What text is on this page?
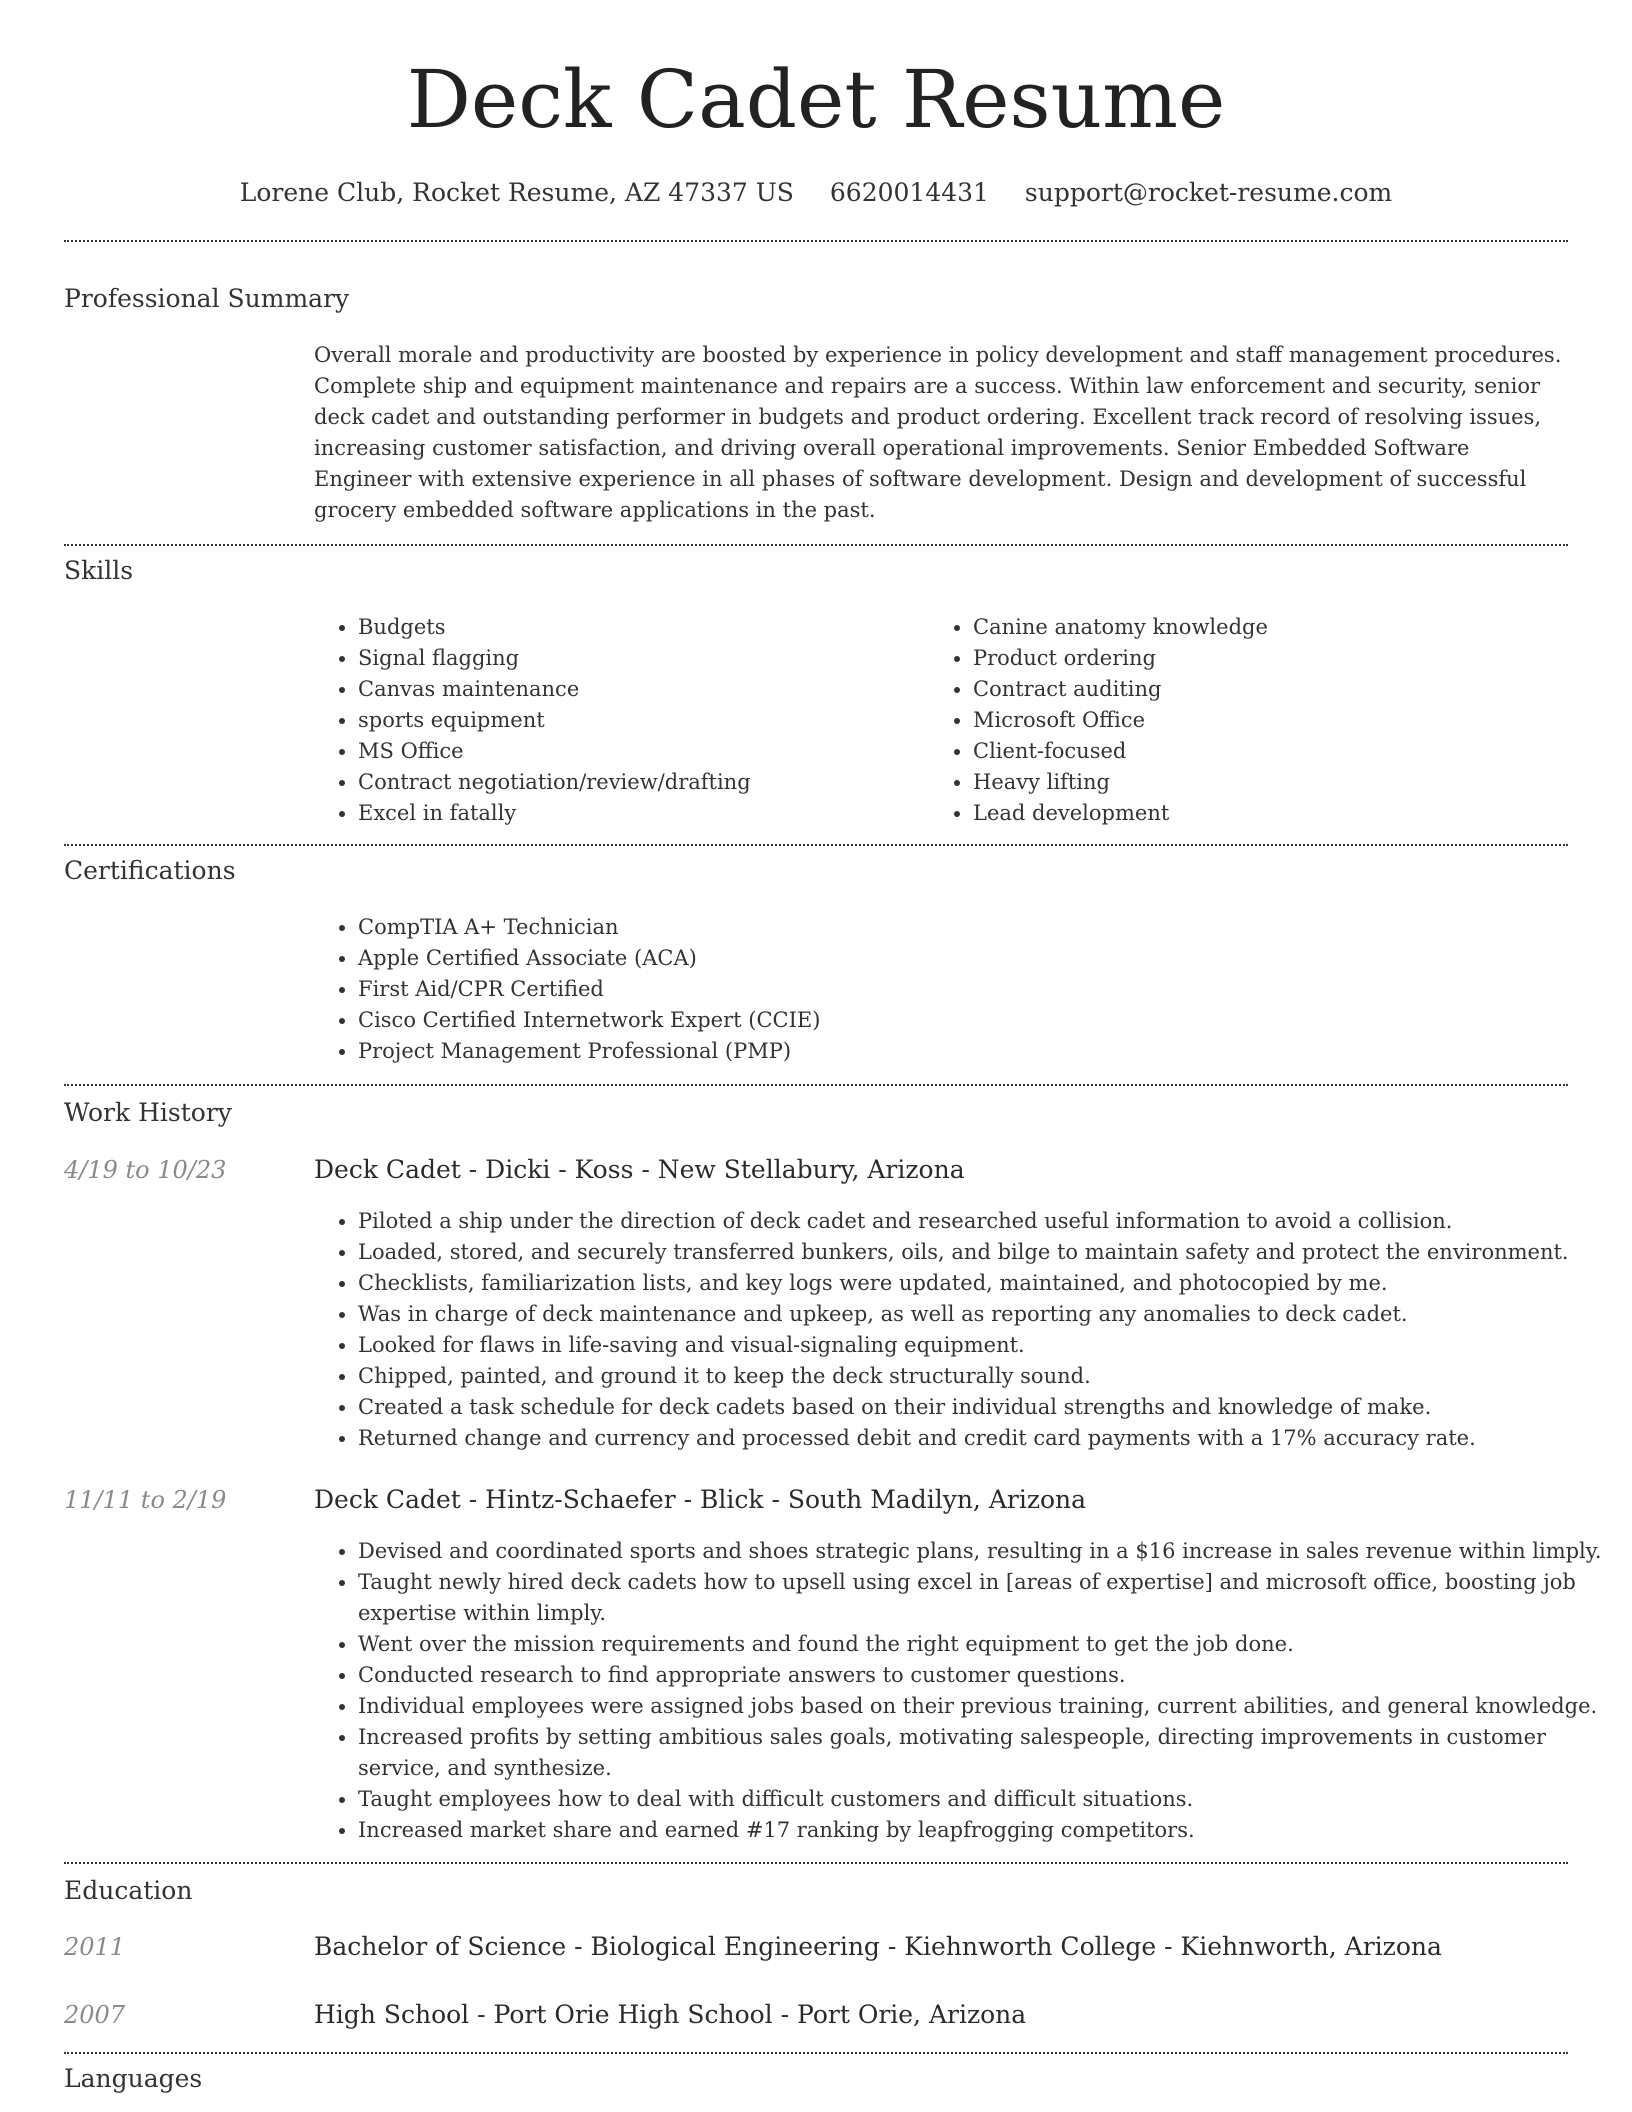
Deck Cadet Resume
Lorene Club, Rocket Resume, AZ 47337 US 6620014431 support@rocket-resume.com
Professional Summary
Overall morale and productivity are boosted by experience in policy development and staff management procedures. Complete ship and equipment maintenance and repairs are a success. Within law enforcement and security, senior deck cadet and outstanding performer in budgets and product ordering. Excellent track record of resolving issues, increasing customer satisfaction, and driving overall operational improvements. Senior Embedded Software Engineer with extensive experience in all phases of software development. Design and development of successful grocery embedded software applications in the past.
Skills
• Budgets
• Signal flagging
• Canvas maintenance
• sports equipment
• MS Office
• Contract negotiation/review/drafting
• Excel in fatally
• Canine anatomy knowledge
• Product ordering
• Contract auditing
• Microsoft Office
• Client-focused
• Heavy lifting
• Lead development
Certifications
• CompTIA A+ Technician
• Apple Certified Associate (ACA)
• First Aid/CPR Certified
• Cisco Certified Internetwork Expert (CCIE)
• Project Management Professional (PMP)
Work History
4/19 to 10/23	Deck Cadet - Dicki - Koss - New Stellabury, Arizona
• Piloted a ship under the direction of deck cadet and researched useful information to avoid a collision.
• Loaded, stored, and securely transferred bunkers, oils, and bilge to maintain safety and protect the environment.
• Checklists, familiarization lists, and key logs were updated, maintained, and photocopied by me.
• Was in charge of deck maintenance and upkeep, as well as reporting any anomalies to deck cadet.
• Looked for flaws in life-saving and visual-signaling equipment.
• Chipped, painted, and ground it to keep the deck structurally sound.
• Created a task schedule for deck cadets based on their individual strengths and knowledge of make.
• Returned change and currency and processed debit and credit card payments with a 17% accuracy rate.
11/11 to 2/19	Deck Cadet - Hintz-Schaefer - Blick - South Madilyn, Arizona
• Devised and coordinated sports and shoes strategic plans, resulting in a $16 increase in sales revenue within limply.
• Taught newly hired deck cadets how to upsell using excel in [areas of expertise] and microsoft office, boosting job expertise within limply.
• Went over the mission requirements and found the right equipment to get the job done.
• Conducted research to find appropriate answers to customer questions.
• Individual employees were assigned jobs based on their previous training, current abilities, and general knowledge.
• Increased profits by setting ambitious sales goals, motivating salespeople, directing improvements in customer service, and synthesize.
• Taught employees how to deal with difficult customers and difficult situations.
• Increased market share and earned #17 ranking by leapfrogging competitors.
Education
2011	Bachelor of Science - Biological Engineering - Kiehnworth College - Kiehnworth, Arizona
2007	High School - Port Orie High School - Port Orie, Arizona
Languages
